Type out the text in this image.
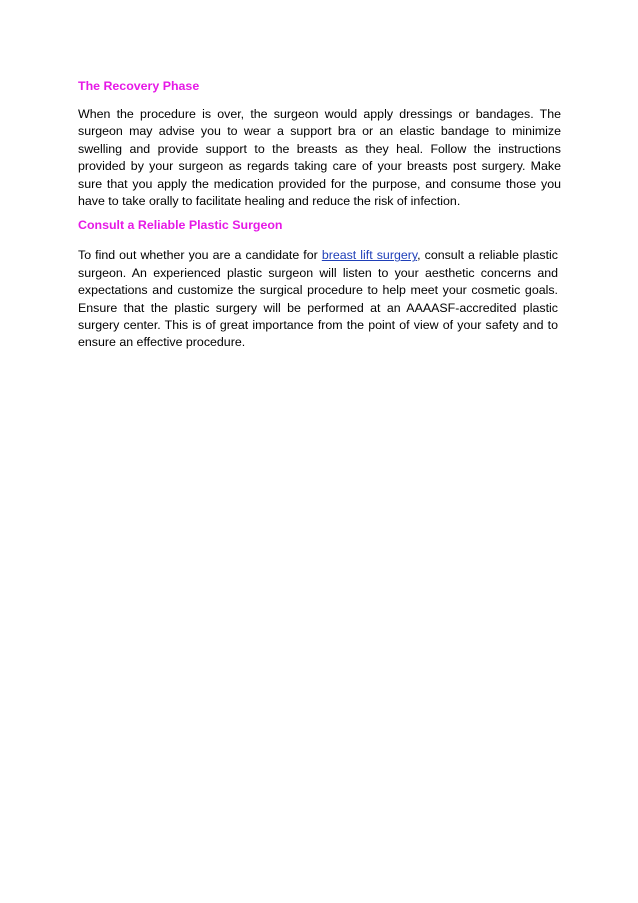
The Recovery Phase

When the procedure is over, the surgeon would apply dressings or bandages. The surgeon may advise you to wear a support bra or an elastic bandage to minimize swelling and provide support to the breasts as they heal. Follow the instructions provided by your surgeon as regards taking care of your breasts post surgery. Make sure that you apply the medication provided for the purpose, and consume those you have to take orally to facilitate healing and reduce the risk of infection.

Consult a Reliable Plastic Surgeon

To find out whether you are a candidate for breast lift surgery, consult a reliable plastic surgeon. An experienced plastic surgeon will listen to your aesthetic concerns and expectations and customize the surgical procedure to help meet your cosmetic goals. Ensure that the plastic surgery will be performed at an AAAASF-accredited plastic surgery center. This is of great importance from the point of view of your safety and to ensure an effective procedure.
